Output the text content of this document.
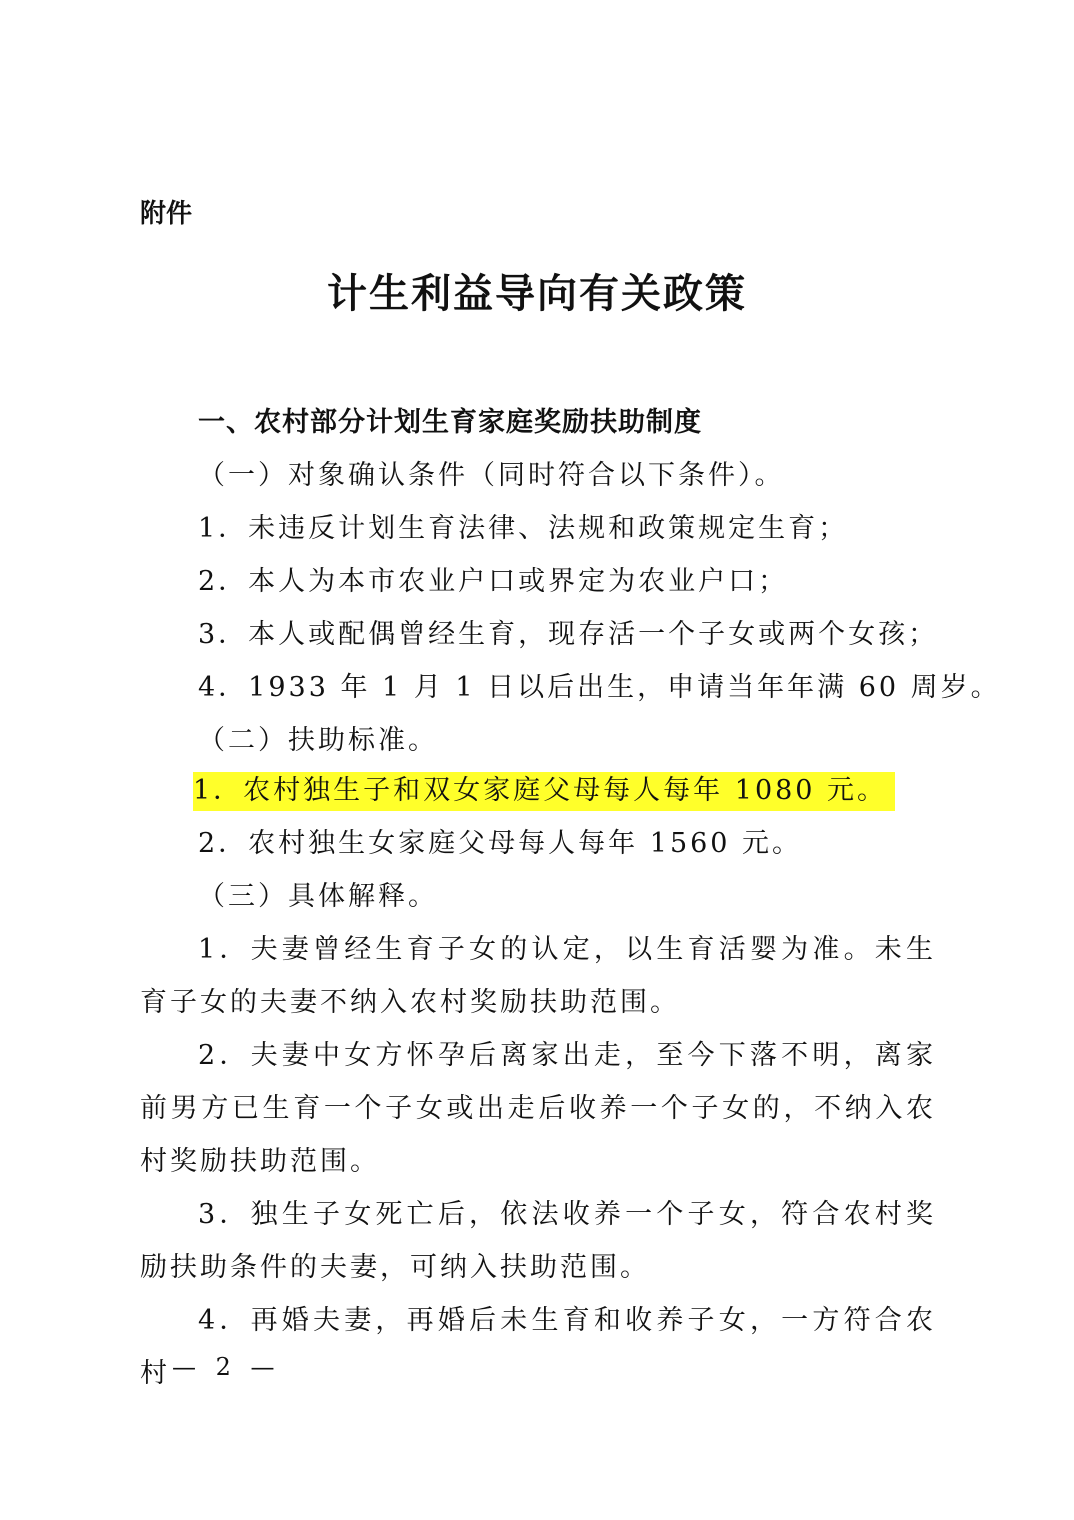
附件
计生利益导向有关政策
一、农村部分计划生育家庭奖励扶助制度
（一）对象确认条件（同时符合以下条件）。
1．未违反计划生育法律、法规和政策规定生育；
2．本人为本市农业户口或界定为农业户口；
3．本人或配偶曾经生育，现存活一个子女或两个女孩；
4．1933 年 1 月 1 日以后出生，申请当年年满 60 周岁。
（二）扶助标准。
1．农村独生子和双女家庭父母每人每年 1080 元。
2．农村独生女家庭父母每人每年 1560 元。
（三）具体解释。
1．夫妻曾经生育子女的认定，以生育活婴为准。未生育子女的夫妻不纳入农村奖励扶助范围。
2．夫妻中女方怀孕后离家出走，至今下落不明，离家前男方已生育一个子女或出走后收养一个子女的，不纳入农村奖励扶助范围。
3．独生子女死亡后，依法收养一个子女，符合农村奖励扶助条件的夫妻，可纳入扶助范围。
4．再婚夫妻，再婚后未生育和收养子女，一方符合农村 — 2 —
